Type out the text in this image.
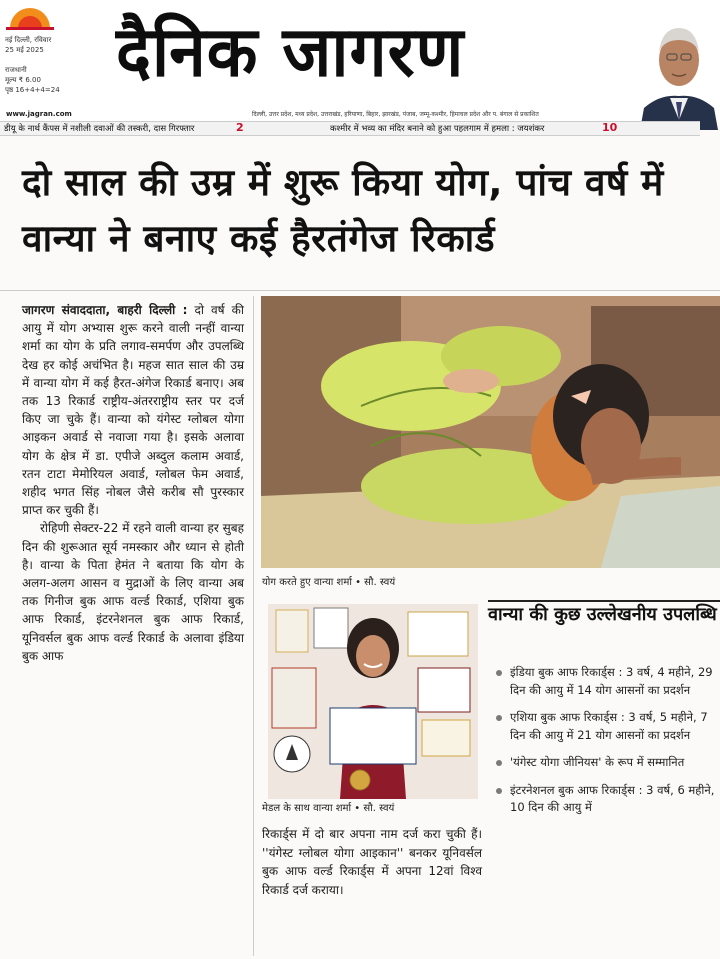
नई दिल्ली, रविवार
25 मई 2025
राजधानी
मूल्य ₹ 6.00
पृष्ठ 16+4+4=24 दैनिक जागरण
www.jagran.com	दिल्ली, उत्तर प्रदेश, मध्य प्रदेश, उत्तराखंड, हरियाणा, बिहार, झारखंड, पंजाब, जम्मू-कश्मीर, हिमाचल प्रदेश और प. बंगाल से प्रकाशित
डीयू के नार्थ कैंपस में नशीली दवाओं की तस्करी, दास गिरफ्तार	2	कश्मीर में भव्य का मंदिर बनाने को हुआ पहलगाम में हमला : जयशंकर	10
दो साल की उम्र में शुरू किया योग, पांच वर्ष में वान्या ने बनाए कई हैरतंगेज रिकार्ड

जागरण संवाददाता, बाहरी दिल्ली : दो वर्ष की आयु में योग अभ्यास शुरू करने वाली नन्हीं वान्या शर्मा का योग के प्रति लगाव-समर्पण और उपलब्धि देख हर कोई अचंभित है। महज सात साल की उम्र में वान्या योग में कई हैरत-अंगेज रिकार्ड बनाए। अब तक 13 रिकार्ड राष्ट्रीय-अंतरराष्ट्रीय स्तर पर दर्ज किए जा चुके हैं। वान्या को यंगेस्ट ग्लोबल योगा आइकन अवार्ड से नवाजा गया है। इसके अलावा योग के क्षेत्र में डा. एपीजे अब्दुल कलाम अवार्ड, रतन टाटा मेमोरियल अवार्ड, ग्लोबल फेम अवार्ड, शहीद भगत सिंह नोबल जैसे करीब सौ पुरस्कार प्राप्त कर चुकी हैं।

रोहिणी सेक्टर-22 में रहने वाली वान्या हर सुबह दिन की शुरूआत सूर्य नमस्कार और ध्यान से होती है। वान्या के पिता हेमंत ने बताया कि योग के अलग-अलग आसन व मुद्राओं के लिए वान्या अब तक गिनीज बुक आफ वर्ल्ड रिकार्ड, एशिया बुक आफ रिकार्ड, इंटरनेशनल बुक आफ रिकार्ड, यूनिवर्सल बुक आफ वर्ल्ड रिकार्ड के अलावा इंडिया बुक आफ

योग करते हुए वान्या शर्मा • सौ. स्वयं
मेडल के साथ वान्या शर्मा • सौ. स्वयं
रिकार्ड्स में दो बार अपना नाम दर्ज करा चुकी हैं। ''यंगेस्ट ग्लोबल योगा आइकान'' बनकर यूनिवर्सल बुक आफ वर्ल्ड रिकार्ड्स में अपना 12वां विश्व रिकार्ड दर्ज कराया।
वान्या की कुछ उल्लेखनीय उपलब्धि
इंडिया बुक आफ रिकार्ड्स : 3 वर्ष, 4 महीने, 29 दिन की आयु में 14 योग आसनों का प्रदर्शन
एशिया बुक आफ रिकार्ड्स : 3 वर्ष, 5 महीने, 7 दिन की आयु में 21 योग आसनों का प्रदर्शन
'यंगेस्ट योगा जीनियस' के रूप में सम्मानित
इंटरनेशनल बुक आफ रिकार्ड्स : 3 वर्ष, 6 महीने, 10 दिन की आयु में
